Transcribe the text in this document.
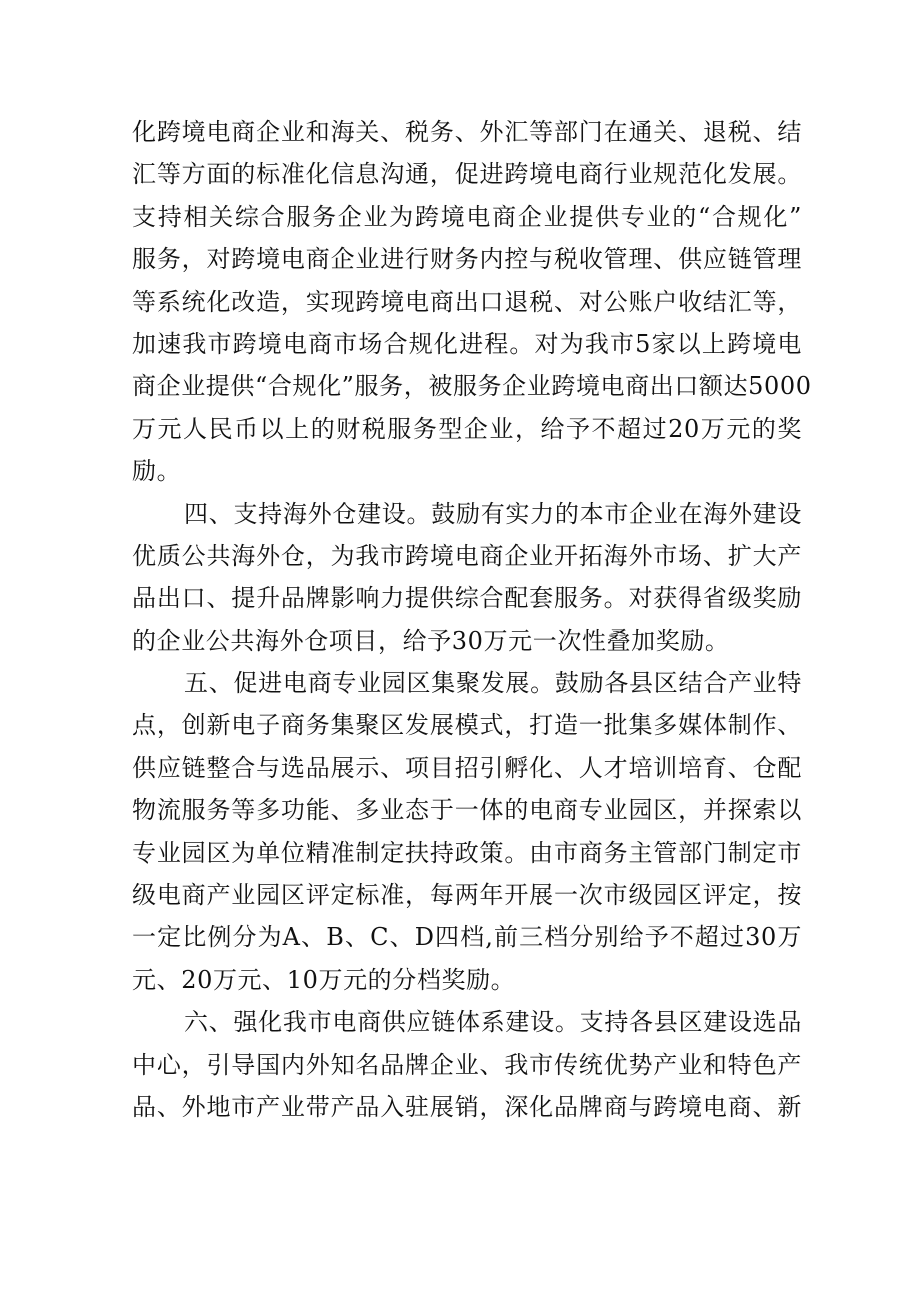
化跨境电商企业和海关、税务、外汇等部门在通关、退税、结
汇等方面的标准化信息沟通，促进跨境电商行业规范化发展。
支持相关综合服务企业为跨境电商企业提供专业的“合规化”
服务，对跨境电商企业进行财务内控与税收管理、供应链管理
等系统化改造，实现跨境电商出口退税、对公账户收结汇等，
加速我市跨境电商市场合规化进程。对为我市5家以上跨境电
商企业提供“合规化”服务，被服务企业跨境电商出口额达5000
万元人民币以上的财税服务型企业，给予不超过20万元的奖
励。
四、支持海外仓建设。鼓励有实力的本市企业在海外建设
优质公共海外仓，为我市跨境电商企业开拓海外市场、扩大产
品出口、提升品牌影响力提供综合配套服务。对获得省级奖励
的企业公共海外仓项目，给予30万元一次性叠加奖励。
五、促进电商专业园区集聚发展。鼓励各县区结合产业特
点，创新电子商务集聚区发展模式，打造一批集多媒体制作、
供应链整合与选品展示、项目招引孵化、人才培训培育、仓配
物流服务等多功能、多业态于一体的电商专业园区，并探索以
专业园区为单位精准制定扶持政策。由市商务主管部门制定市
级电商产业园区评定标准，每两年开展一次市级园区评定，按
一定比例分为A、B、C、D四档,前三档分别给予不超过30万
元、20万元、10万元的分档奖励。
六、强化我市电商供应链体系建设。支持各县区建设选品
中心，引导国内外知名品牌企业、我市传统优势产业和特色产
品、外地市产业带产品入驻展销，深化品牌商与跨境电商、新
